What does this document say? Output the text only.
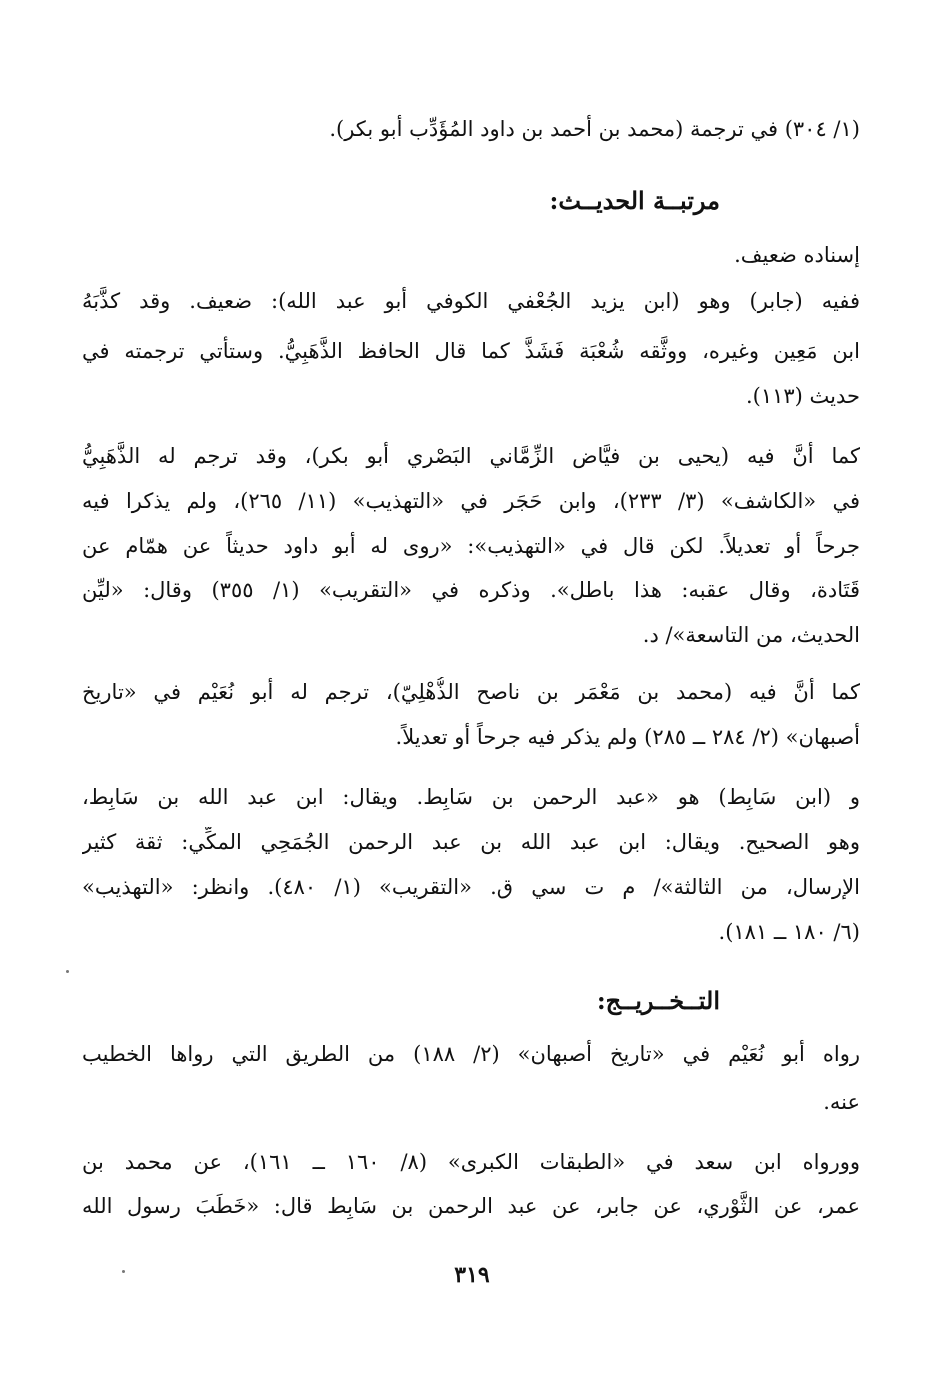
(١/ ٣٠٤) في ترجمة (محمد بن أحمد بن داود المُؤَدِّب أبو بكر).
مرتبــة الحديــث:
إسناده ضعيف.
ففيه (جابر) وهو (ابن يزيد الجُعْفي الكوفي أبو عبد الله): ضعيف. وقد كذَّبَهُ
ابن مَعِين وغيره، ووثَّقه شُعْبَة فَشَذَّ كما قال الحافظ الذَّهَبِيُّ. وستأتي ترجمته في
حديث (١١٣).
كما أنَّ فيه (يحيى بن فيَّاض الزِّمَّاني البَصْري أبو بكر)، وقد ترجم له الذَّهَبِيُّ
في «الكاشف» (٣/ ٢٣٣)، وابن حَجَر في «التهذيب» (١١/ ٢٦٥)، ولم يذكرا فيه
جرحاً أو تعديلاً. لكن قال في «التهذيب»: «روى له أبو داود حديثاً عن همّام عن
قَتَادة، وقال عقبه: هذا باطل». وذكره في «التقريب» (١/ ٣٥٥) وقال: «ليِّن
الحديث، من التاسعة»/ د.
كما أنَّ فيه (محمد بن مَعْمَر بن ناصح الذُّهْلِيّ)، ترجم له أبو نُعَيْم في «تاريخ
أصبهان» (٢/ ٢٨٤ ــ ٢٨٥) ولم يذكر فيه جرحاً أو تعديلاً.
و (ابن سَابِط) هو «عبد الرحمن بن سَابِط. ويقال: ابن عبد الله بن سَابِط،
وهو الصحيح. ويقال: ابن عبد الله بن عبد الرحمن الجُمَحِي المكِّي: ثقة كثير
الإرسال، من الثالثة»/ م ت سي ق. «التقريب» (١/ ٤٨٠). وانظر: «التهذيب»
(٦/ ١٨٠ ــ ١٨١).
التــخــريــج:
رواه أبو نُعَيْم في «تاريخ أصبهان» (٢/ ١٨٨) من الطريق التي رواها الخطيب
عنه.
وورواه ابن سعد في «الطبقات الكبرى» (٨/ ١٦٠ ــ ١٦١)، عن محمد بن
عمر، عن الثَّوْري، عن جابر، عن عبد الرحمن بن سَابِط قال: «خَطَبَ رسول الله
٣١٩
